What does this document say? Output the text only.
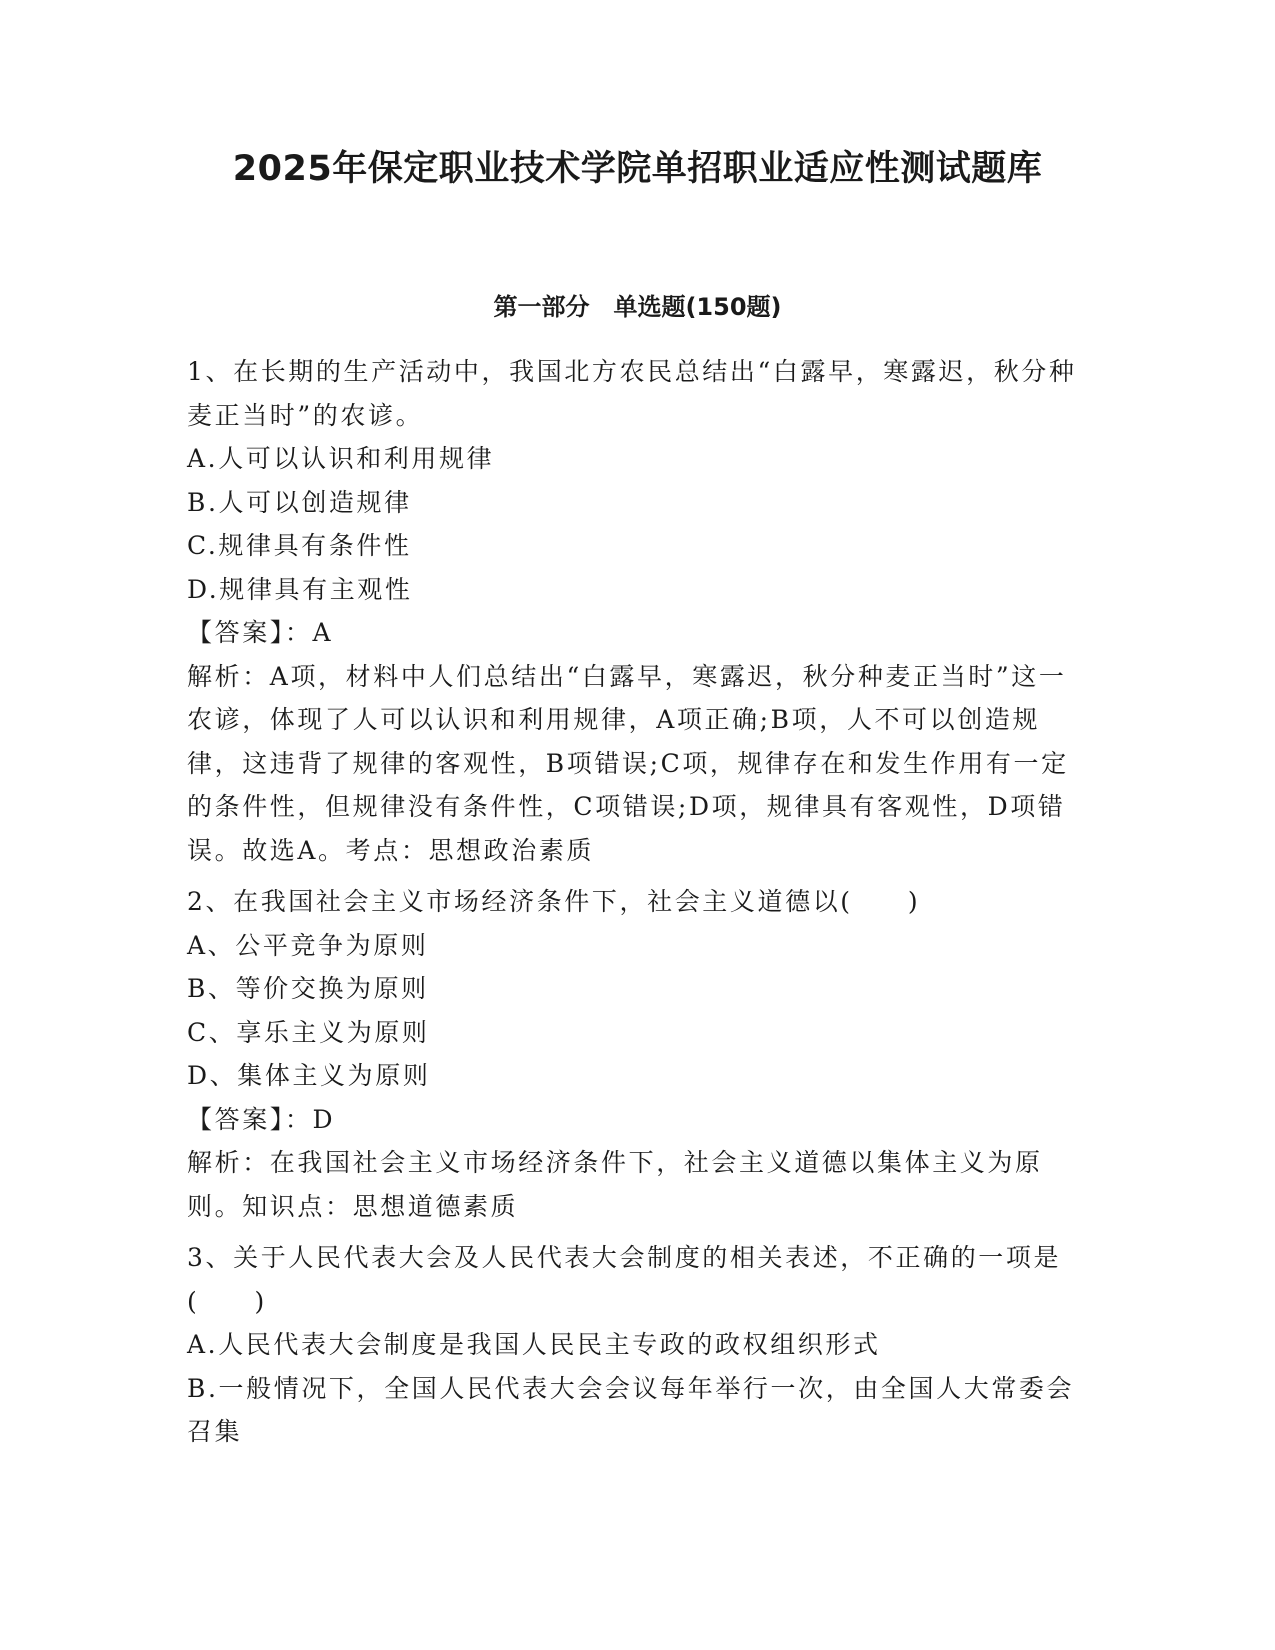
2025年保定职业技术学院单招职业适应性测试题库
第一部分　单选题(150题)
1、在长期的生产活动中，我国北方农民总结出“白露早，寒露迟，秋分种麦正当时”的农谚。
A.人可以认识和利用规律
B.人可以创造规律
C.规律具有条件性
D.规律具有主观性
【答案】：A
解析：A项，材料中人们总结出“白露早，寒露迟，秋分种麦正当时”这一农谚，体现了人可以认识和利用规律，A项正确;B项，人不可以创造规律，这违背了规律的客观性，B项错误;C项，规律存在和发生作用有一定的条件性，但规律没有条件性，C项错误;D项，规律具有客观性，D项错误。故选A。考点：思想政治素质
2、在我国社会主义市场经济条件下，社会主义道德以(　　)
A、公平竞争为原则
B、等价交换为原则
C、享乐主义为原则
D、集体主义为原则
【答案】：D
解析：在我国社会主义市场经济条件下，社会主义道德以集体主义为原则。知识点：思想道德素质
3、关于人民代表大会及人民代表大会制度的相关表述，不正确的一项是(　　)
A.人民代表大会制度是我国人民民主专政的政权组织形式
B.一般情况下，全国人民代表大会会议每年举行一次，由全国人大常委会召集
